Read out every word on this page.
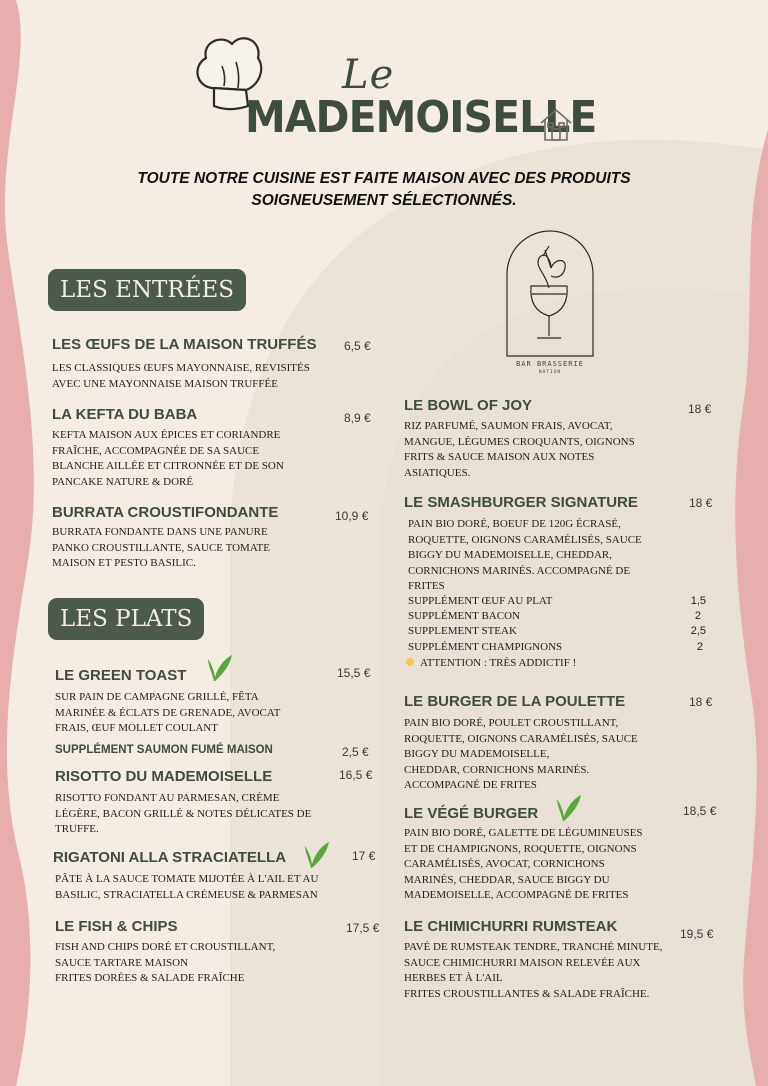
Le
MADEMOISELLE
TOUTE NOTRE CUISINE EST FAITE MAISON AVEC DES PRODUITS
SOIGNEUSEMENT SÉLECTIONNÉS.
BAR BRASSERIE
NATION
LES ENTRÉES
LES ŒUFS DE LA MAISON TRUFFÉS 6,5 €
LES CLASSIQUES ŒUFS MAYONNAISE, REVISITÉS
AVEC UNE MAYONNAISE MAISON TRUFFÉE
LA KEFTA DU BABA	8,9 €
KEFTA MAISON AUX ÉPICES ET CORIANDRE
FRAÎCHE, ACCOMPAGNÉE DE SA SAUCE
BLANCHE AILLÉE ET CITRONNÉE ET DE SON
PANCAKE NATURE & DORÉ
BURRATA CROUSTIFONDANTE	10,9 €
BURRATA FONDANTE DANS UNE PANURE
PANKO CROUSTILLANTE, SAUCE TOMATE
MAISON ET PESTO BASILIC.
LES PLATS
LE GREEN TOAST	15,5 €
SUR PAIN DE CAMPAGNE GRILLÉ, FÊTA
MARINÉE & ÉCLATS DE GRENADE, AVOCAT
FRAIS, ŒUF MOLLET COULANT
SUPPLÉMENT SAUMON FUMÉ MAISON	2,5 €
RISOTTO DU MADEMOISELLE	16,5 €
RISOTTO FONDANT AU PARMESAN, CRÈME
LÉGÈRE, BACON GRILLÉ & NOTES DÉLICATES DE
TRUFFE.
RIGATONI ALLA STRACIATELLA	17 €
PÂTE À LA SAUCE TOMATE MIJOTÉE À L'AIL ET AU
BASILIC, STRACIATELLA CRÉMEUSE & PARMESAN
LE FISH & CHIPS	17,5 €
FISH AND CHIPS DORÉ ET CROUSTILLANT,
SAUCE TARTARE MAISON
FRITES DORÉES & SALADE FRAÎCHE
LE BOWL OF JOY	18 €
RIZ PARFUMÉ, SAUMON FRAIS, AVOCAT,
MANGUE, LÉGUMES CROQUANTS, OIGNONS
FRITS & SAUCE MAISON AUX NOTES
ASIATIQUES.
LE SMASHBURGER SIGNATURE	18 €
PAIN BIO DORÉ, BOEUF DE 120G ÉCRASÉ,
ROQUETTE, OIGNONS CARAMÉLISÉS, SAUCE
BIGGY DU MADEMOISELLE, CHEDDAR,
CORNICHONS MARINÉS. ACCOMPAGNÉ DE
FRITES
SUPPLÉMENT ŒUF AU PLAT	1,5
SUPPLÉMENT BACON	2
SUPPLEMENT STEAK	2,5
SUPPLÉMENT CHAMPIGNONS	2
ATTENTION : TRÈS ADDICTIF !
LE BURGER DE LA POULETTE	18 €
PAIN BIO DORÉ, POULET CROUSTILLANT,
ROQUETTE, OIGNONS CARAMÉLISÉS, SAUCE
BIGGY DU MADEMOISELLE,
CHEDDAR, CORNICHONS MARINÉS.
ACCOMPAGNÉ DE FRITES
LE VÉGÉ BURGER	18,5 €
PAIN BIO DORÉ, GALETTE DE LÉGUMINEUSES
ET DE CHAMPIGNONS, ROQUETTE, OIGNONS
CARAMÉLISÉS, AVOCAT, CORNICHONS
MARINÉS, CHEDDAR, SAUCE BIGGY DU
MADEMOISELLE, ACCOMPAGNÉ DE FRITES
LE CHIMICHURRI RUMSTEAK	19,5 €
PAVÉ DE RUMSTEAK TENDRE, TRANCHÉ MINUTE,
SAUCE CHIMICHURRI MAISON RELEVÉE AUX
HERBES ET À L'AIL
FRITES CROUSTILLANTES & SALADE FRAÎCHE.
